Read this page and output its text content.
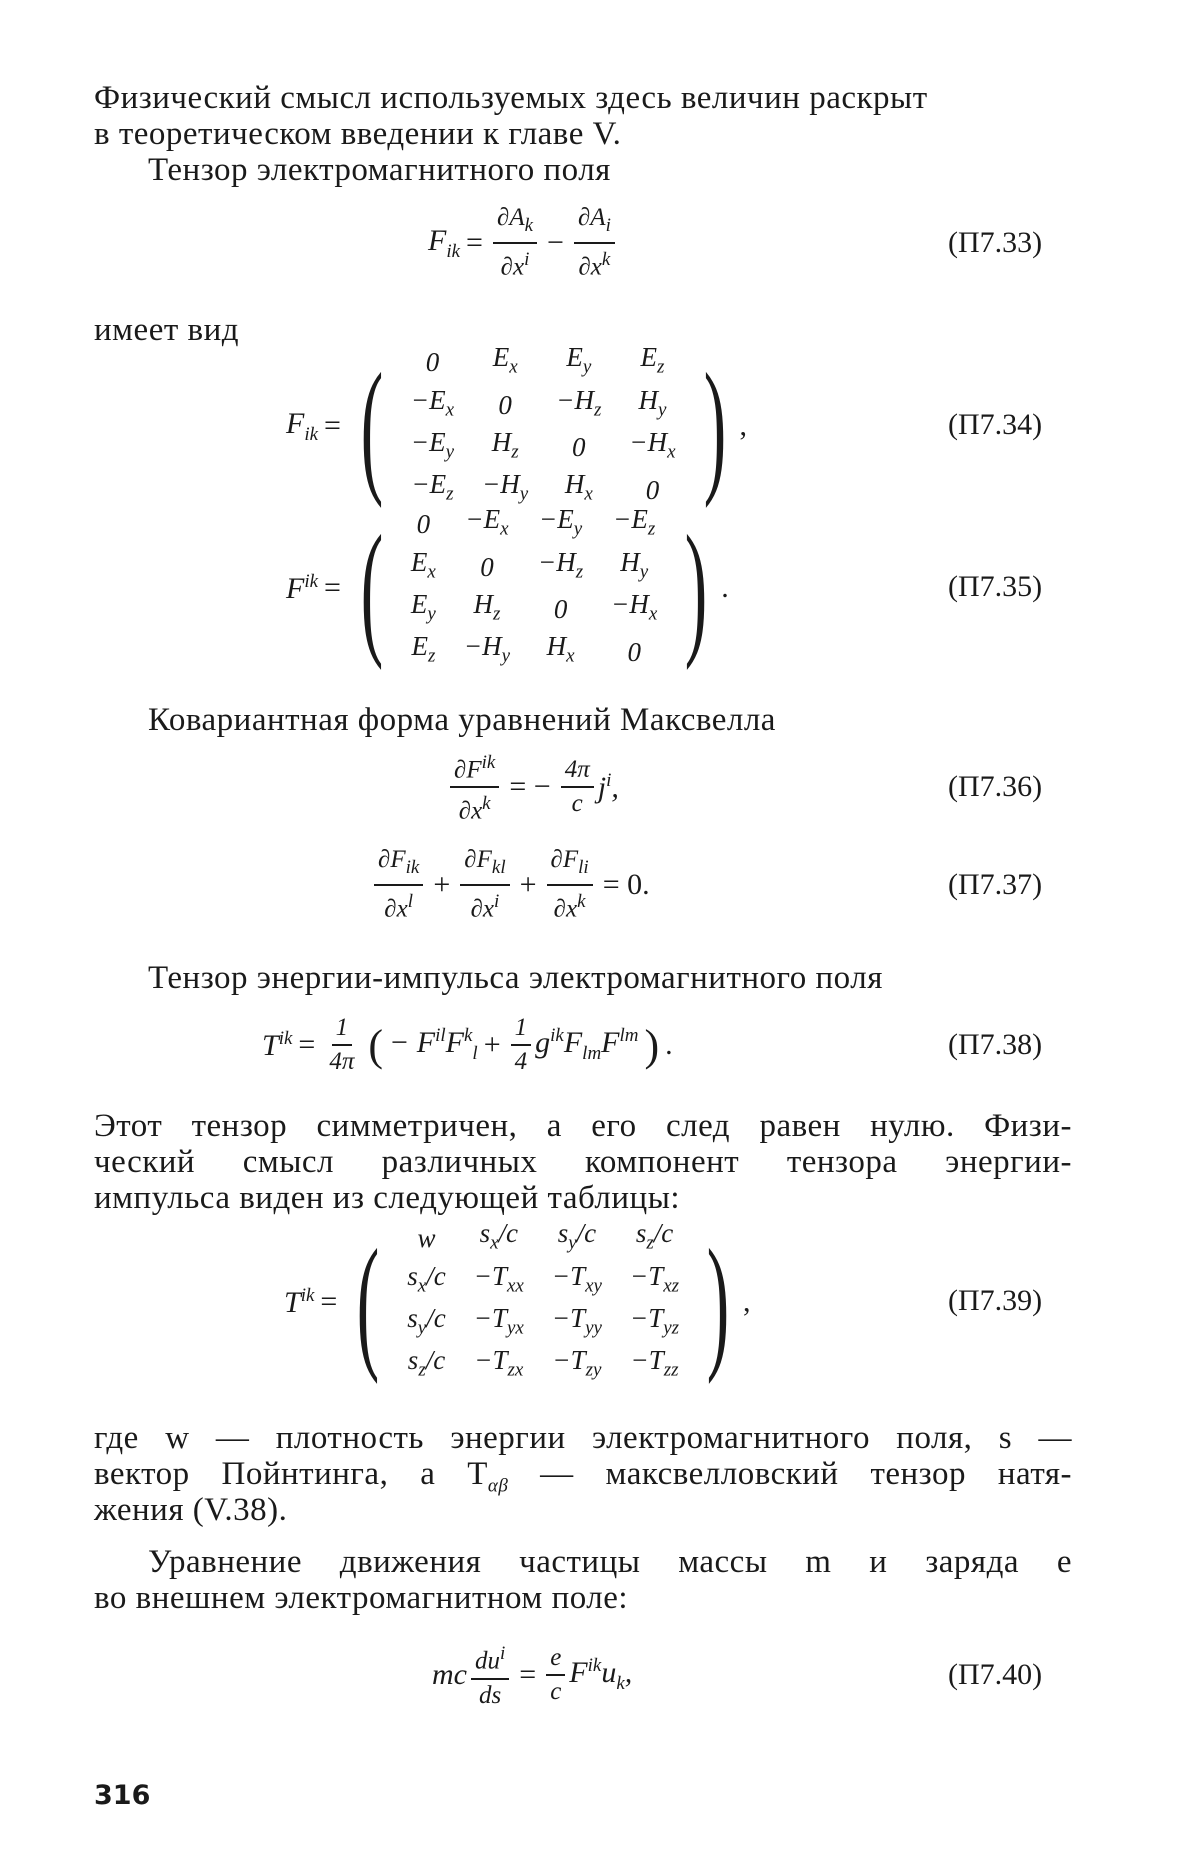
Физический смысл используемых здесь величин раскрыт
в теоретическом введении к главе V.
Тензор электромагнитного поля
$F_{ik} = \frac{\partial A_k}{\partial x^i} - \frac{\partial A_i}{\partial x^k}$	(П7.33)
имеет вид
$F_{ik}$ = ( 0	$E_x$	$E_y$	$E_z$
$-E_x$	0	$-H_z$	$H_y$
$-E_y$	$H_z$	0	$-H_x$
$-E_z$	$-H_y$	$H_x$	0 ) ,	(П7.34)
$F^{ik}$ = ( 0	$-E_x$	$-E_y$	$-E_z$
$E_x$	0	$-H_z$	$H_y$
$E_y$	$H_z$	0	$-H_x$
$E_z$	$-H_y$	$H_x$	0 ) .	(П7.35)
Ковариантная форма уравнений Максвелла
$\frac{\partial F^{ik}}{\partial x^k}$ = − $\frac{4\pi}{c} j^i$,	(П7.36)
$\frac{\partial F_{ik}}{\partial x^l} + \frac{\partial F_{kl}}{\partial x^i} + \frac{\partial F_{li}}{\partial x^k} = 0$.	(П7.37)
Тензор энергии-импульса электромагнитного поля
$T^{ik} = \frac{1}{4\pi}$ ( − $F^{il}F^k_l + \frac{1}{4} g^{ik}F_{lm}F^{lm}$ ) .	(П7.38)
Этот тензор симметричен, а его след равен нулю. Физи-
ческий смысл различных компонент тензора энергии-
импульса виден из следующей таблицы:
$T^{ik}$ = ( w	$s_x/c$	$s_y/c$	$s_z/c$
$s_x/c$	$-T_{xx}$	$-T_{xy}$	$-T_{xz}$
$s_y/c$	$-T_{yx}$	$-T_{yy}$	$-T_{yz}$
$s_z/c$	$-T_{zx}$	$-T_{zy}$	$-T_{zz}$ ) ,	(П7.39)
где w — плотность энергии электромагнитного поля, s —
вектор Пойнтинга, а $T_{\alpha\beta}$ — максвелловский тензор натя-
жения (V.38).
Уравнение движения частицы массы m и заряда e
во внешнем электромагнитном поле:
mc $\frac{du^i}{ds} = \frac{e}{c} F^{ik}u_k$,	(П7.40)
316
